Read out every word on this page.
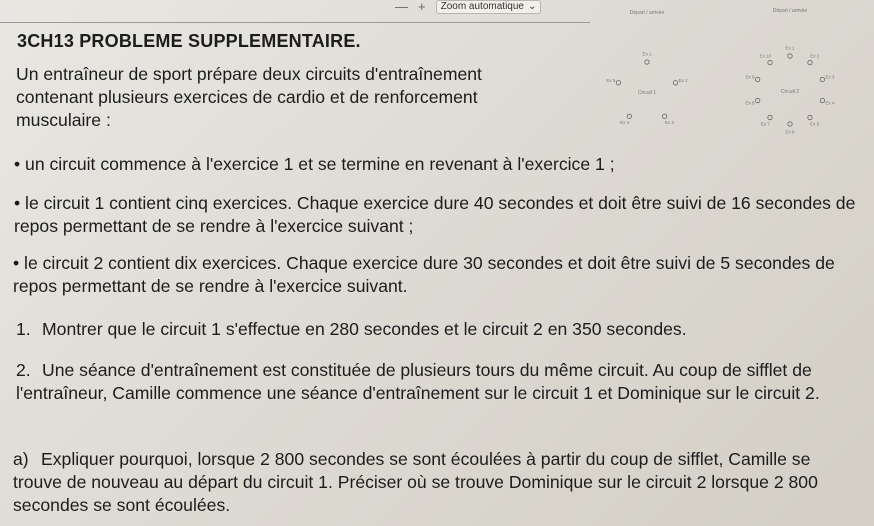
— + Zoom automatique ⌄
3CH13 PROBLEME SUPPLEMENTAIRE.
Un entraîneur de sport prépare deux circuits d'entraînement contenant plusieurs exercices de cardio et de renforcement musculaire :
• un circuit commence à l'exercice 1 et se termine en revenant à l'exercice 1 ;
• le circuit 1 contient cinq exercices. Chaque exercice dure 40 secondes et doit être suivi de 16 secondes de repos permettant de se rendre à l'exercice suivant ;
• le circuit 2 contient dix exercices. Chaque exercice dure 30 secondes et doit être suivi de 5 secondes de repos permettant de se rendre à l'exercice suivant.
1. Montrer que le circuit 1 s'effectue en 280 secondes et le circuit 2 en 350 secondes.
2. Une séance d'entraînement est constituée de plusieurs tours du même circuit. Au coup de sifflet de l'entraîneur, Camille commence une séance d'entraînement sur le circuit 1 et Dominique sur le circuit 2.
a) Expliquer pourquoi, lorsque 2 800 secondes se sont écoulées à partir du coup de sifflet, Camille se trouve de nouveau au départ du circuit 1. Préciser où se trouve Dominique sur le circuit 2 lorsque 2 800 secondes se sont écoulées.
Départ / arrivée
Circuit 1
Ex 1
Ex 2
Ex 3
Ex 4
Ex 5
Départ / arrivée
Circuit 2
Ex 1
Ex 2
Ex 3
Ex 4
Ex 5
Ex 6
Ex 7
Ex 8
Ex 9
Ex 10
